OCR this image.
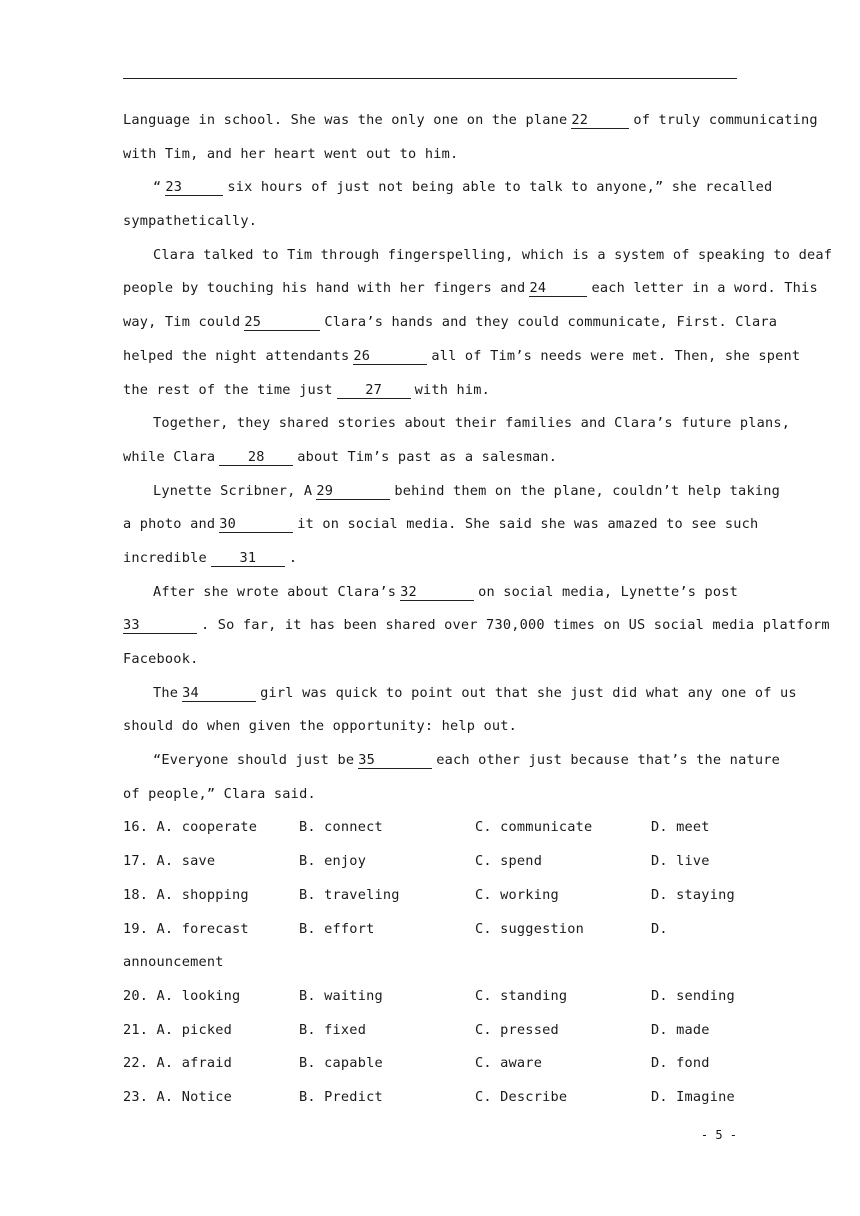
Language in school. She was the only one on the plane 22	of truly communicating
with Tim, and her heart went out to him.
“ 23	six hours of just not being able to talk to anyone,” she recalled
sympathetically.
Clara talked to Tim through fingerspelling, which is a system of speaking to deaf
people by touching his hand with her fingers and 24	each letter in a word. This
way, Tim could 25	Clara’s hands and they could communicate, First. Clara
helped the night attendants 26	all of Tim’s needs were met. Then, she spent
the rest of the time just 27 with him.
Together, they shared stories about their families and Clara’s future plans,
while Clara 28 about Tim’s past as a salesman.
Lynette Scribner, A 29	behind them on the plane, couldn’t help taking
a photo and 30	it on social media. She said she was amazed to see such
incredible 31 .
After she wrote about Clara’s 32	on social media, Lynette’s post
33	. So far, it has been shared over 730,000 times on US social media platform
Facebook.
The 34	girl was quick to point out that she just did what any one of us
should do when given the opportunity: help out.
“Everyone should just be 35	each other just because that’s the nature
of people,” Clara said.
16. A. cooperate	B. connect	C. communicate	D. meet
17. A. save	B. enjoy	C. spend	D. live
18. A. shopping	B. traveling	C. working	D. staying
19. A. forecast	B. effort	C. suggestion	D.
announcement
20. A. looking	B. waiting	C. standing	D. sending
21. A. picked	B. fixed	C. pressed	D. made
22. A. afraid	B. capable	C. aware	D. fond
23. A. Notice	B. Predict	C. Describe	D. Imagine
- 5 -
